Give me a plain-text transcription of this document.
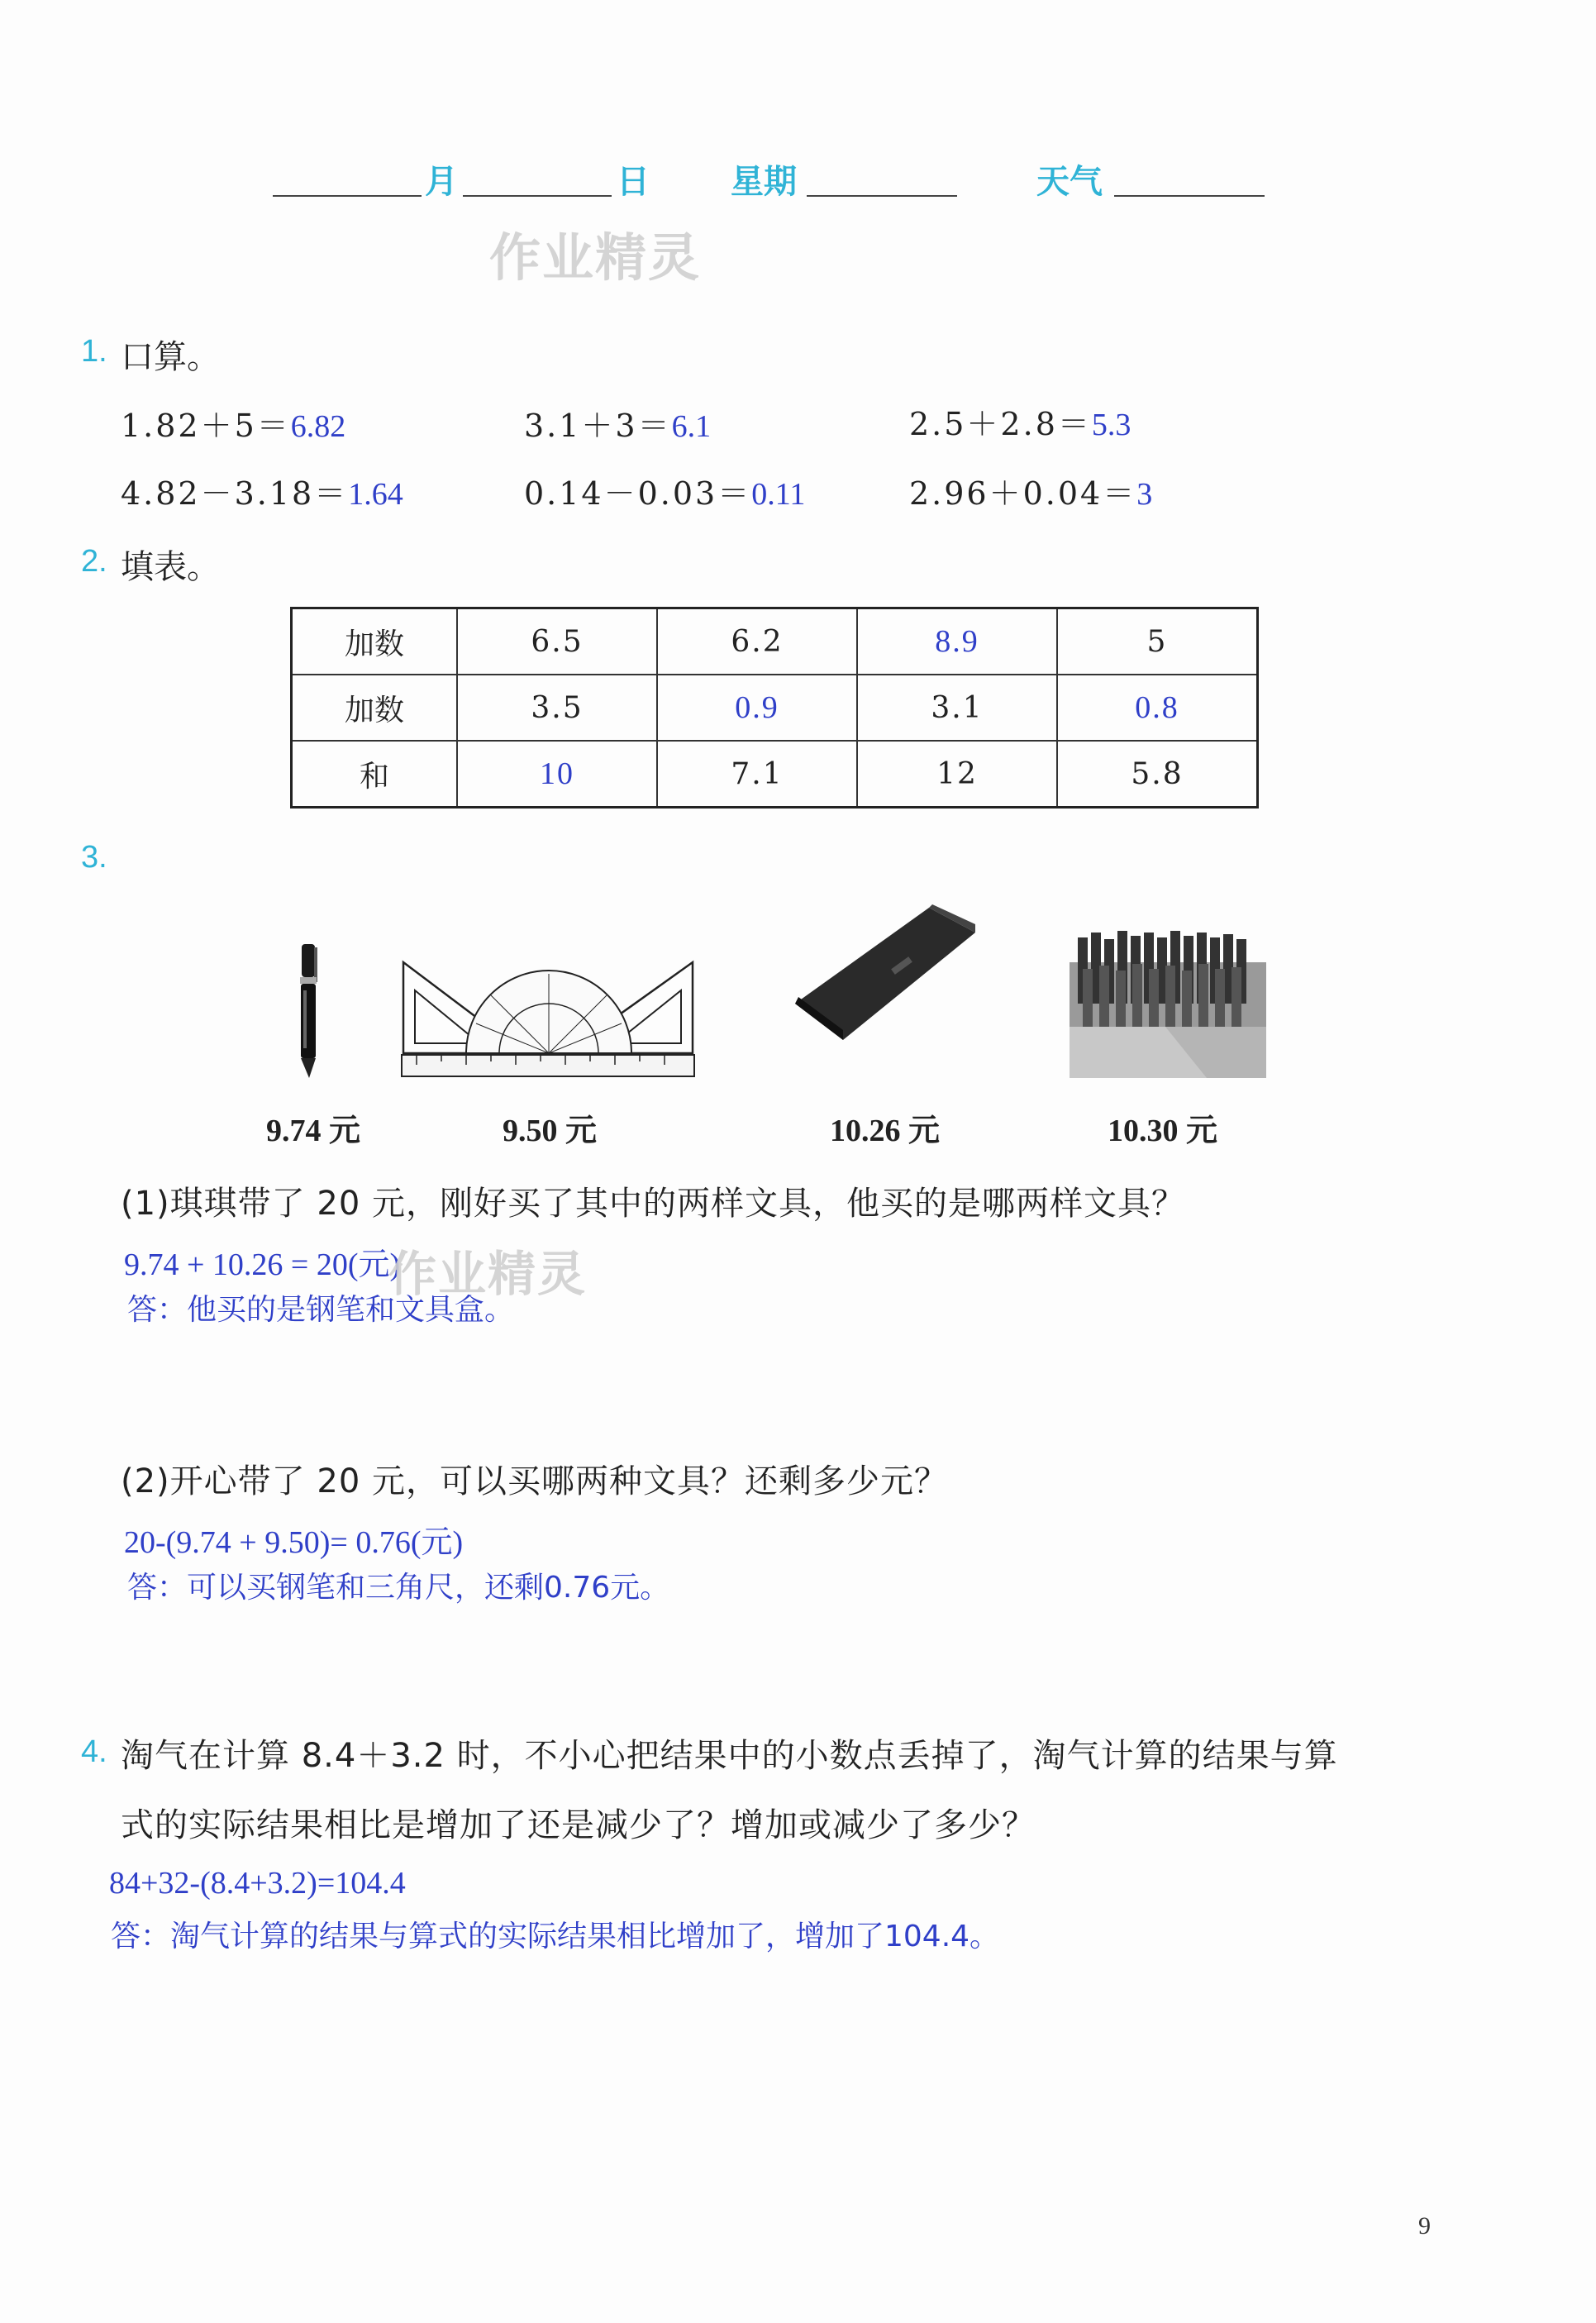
月	日 星期	天气
作业精灵
1. 口算。
1.82＋5＝6.82	3.1＋3＝6.1	2.5＋2.8＝5.3
4.82－3.18＝1.64	0.14－0.03＝0.11	2.96＋0.04＝3
2. 填表。
加数	6.5	6.2	8.9	5
加数	3.5	0.9	3.1	0.8
和	10	7.1	12	5.8
3.
9.74 元	9.50 元	10.26 元	10.30 元
(1)琪琪带了 20 元，刚好买了其中的两样文具，他买的是哪两样文具？
9.74 + 10.26 = 20(元)
答：他买的是钢笔和文具盒。
作业精灵
(2)开心带了 20 元，可以买哪两种文具？还剩多少元？
20-(9.74 + 9.50)= 0.76(元)
答：可以买钢笔和三角尺，还剩0.76元。
4. 淘气在计算 8.4＋3.2 时，不小心把结果中的小数点丢掉了，淘气计算的结果与算
式的实际结果相比是增加了还是减少了？增加或减少了多少？
84+32-(8.4+3.2)=104.4
答：淘气计算的结果与算式的实际结果相比增加了，增加了104.4。
9
